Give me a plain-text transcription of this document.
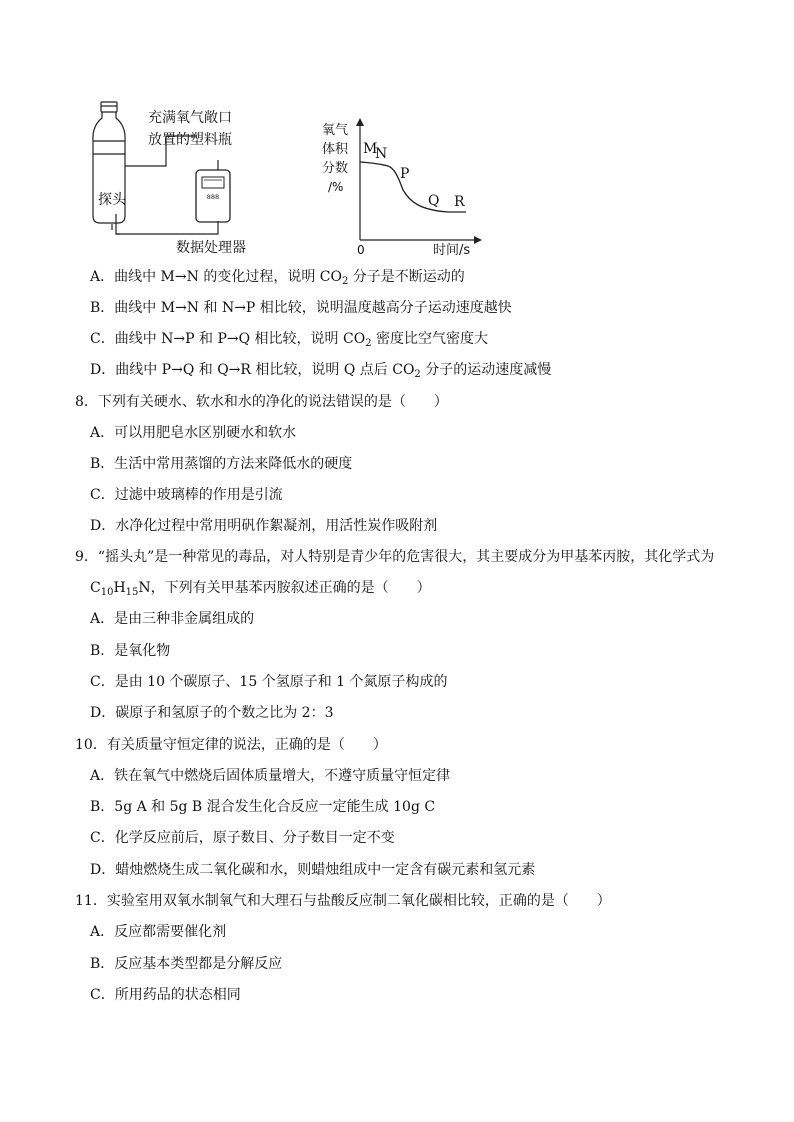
888
充满氧气敞口
放置的塑料瓶
探头
数据处理器
氧气
体积
分数
/%
0	时间/s
M
N
P
Q R
A．曲线中 M→N 的变化过程，说明 $CO_2$ 分子是不断运动的
B．曲线中 M→N 和 N→P 相比较，说明温度越高分子运动速度越快
C．曲线中 N→P 和 P→Q 相比较，说明 $CO_2$ 密度比空气密度大
D．曲线中 P→Q 和 Q→R 相比较，说明 Q 点后 $CO_2$ 分子的运动速度减慢
8．下列有关硬水、软水和水的净化的说法错误的是（　　）
A．可以用肥皂水区别硬水和软水
B．生活中常用蒸馏的方法来降低水的硬度
C．过滤中玻璃棒的作用是引流
D．水净化过程中常用明矾作絮凝剂，用活性炭作吸附剂
9．“摇头丸”是一种常见的毒品，对人特别是青少年的危害很大，其主要成分为甲基苯丙胺，其化学式为
$C_{10}H_{15}N$，下列有关甲基苯丙胺叙述正确的是（　　）
A．是由三种非金属组成的
B．是氧化物
C．是由 10 个碳原子、15 个氢原子和 1 个氮原子构成的
D．碳原子和氢原子的个数之比为 2：3
10．有关质量守恒定律的说法，正确的是（　　）
A．铁在氧气中燃烧后固体质量增大，不遵守质量守恒定律
B．5g A 和 5g B 混合发生化合反应一定能生成 10g C
C．化学反应前后，原子数目、分子数目一定不变
D．蜡烛燃烧生成二氧化碳和水，则蜡烛组成中一定含有碳元素和氢元素
11．实验室用双氧水制氧气和大理石与盐酸反应制二氧化碳相比较，正确的是（　　）
A．反应都需要催化剂
B．反应基本类型都是分解反应
C．所用药品的状态相同
